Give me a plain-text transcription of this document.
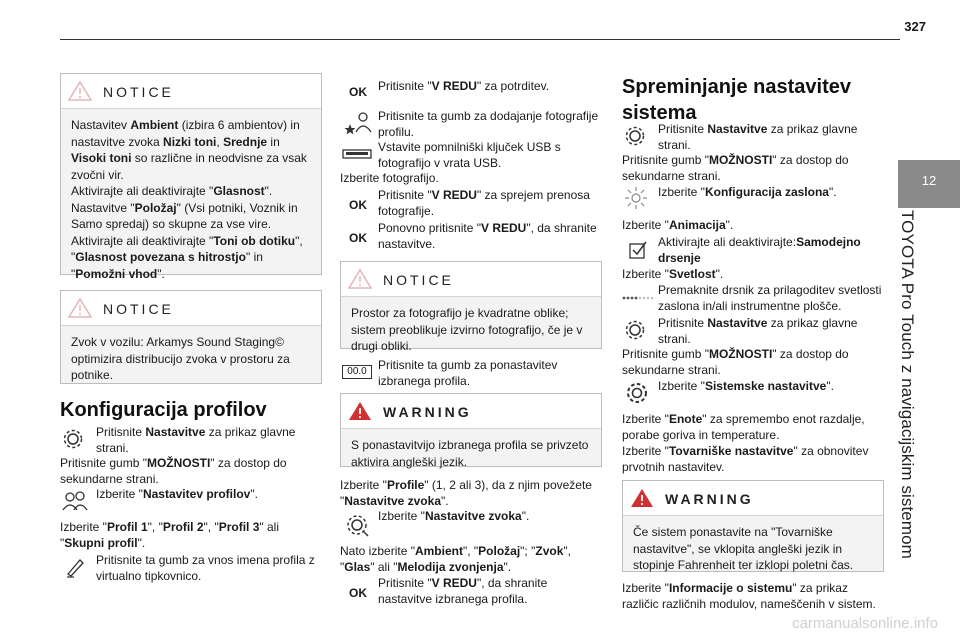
327
12
TOYOTA Pro Touch z navigacijskim sistemom
NOTICE
Nastavitev Ambient (izbira 6 ambientov) in
nastavitve zvoka Nizki toni, Srednje in
Visoki toni so različne in neodvisne za vsak
zvočni vir.
Aktivirajte ali deaktivirajte "Glasnost".
Nastavitve "Položaj" (Vsi potniki, Voznik in
Samo spredaj) so skupne za vse vire.
Aktivirajte ali deaktivirajte "Toni ob dotiku",
"Glasnost povezana s hitrostjo" in
"Pomožni vhod".
NOTICE
Zvok v vozilu: Arkamys Sound Staging©
optimizira distribucijo zvoka v prostoru za
potnike.
Konfiguracija profilov
Pritisnite Nastavitve za prikaz glavne
strani.
Pritisnite gumb "MOŽNOSTI" za dostop do
sekundarne strani.
Izberite "Nastavitev profilov".
Izberite "Profil 1", "Profil 2", "Profil 3" ali
"Skupni profil".
Pritisnite ta gumb za vnos imena profila z
virtualno tipkovnico.
OK Pritisnite "V REDU" za potrditev.
Pritisnite ta gumb za dodajanje fotografije
profilu.
Vstavite pomnilniški ključek USB s
fotografijo v vrata USB.
Izberite fotografijo.
OK
Pritisnite "V REDU" za sprejem prenosa
fotografije.
OK
Ponovno pritisnite "V REDU", da shranite
nastavitve.
NOTICE
Prostor za fotografijo je kvadratne oblike;
sistem preoblikuje izvirno fotografijo, če je v
drugi obliki.
00.0 Pritisnite ta gumb za ponastavitev
izbranega profila.
WARNING
S ponastavitvijo izbranega profila se privzeto
aktivira angleški jezik.
Izberite "Profile" (1, 2 ali 3), da z njim povežete
"Nastavitve zvoka".
Izberite "Nastavitve zvoka".
Nato izberite "Ambient", "Položaj"; "Zvok",
"Glas" ali "Melodija zvonjenja".
OK
Pritisnite "V REDU", da shranite
nastavitve izbranega profila.
Spreminjanje nastavitev
sistema
Pritisnite Nastavitve za prikaz glavne
strani.
Pritisnite gumb "MOŽNOSTI" za dostop do
sekundarne strani.
Izberite "Konfiguracija zaslona".
Izberite "Animacija".
Aktivirajte ali deaktivirajte:Samodejno
drsenje
Izberite "Svetlost".
Premaknite drsnik za prilagoditev svetlosti
zaslona in/ali instrumentne plošče.
Pritisnite Nastavitve za prikaz glavne
strani.
Pritisnite gumb "MOŽNOSTI" za dostop do
sekundarne strani.
Izberite "Sistemske nastavitve".
Izberite "Enote" za spremembo enot razdalje,
porabe goriva in temperature.
Izberite "Tovarniške nastavitve" za obnovitev
prvotnih nastavitev.
WARNING
Če sistem ponastavite na "Tovarniške
nastavitve", se vklopita angleški jezik in
stopinje Fahrenheit ter izklopi poletni čas.
Izberite "Informacije o sistemu" za prikaz
različic različnih modulov, nameščenih v sistem.
carmanualsonline.info
